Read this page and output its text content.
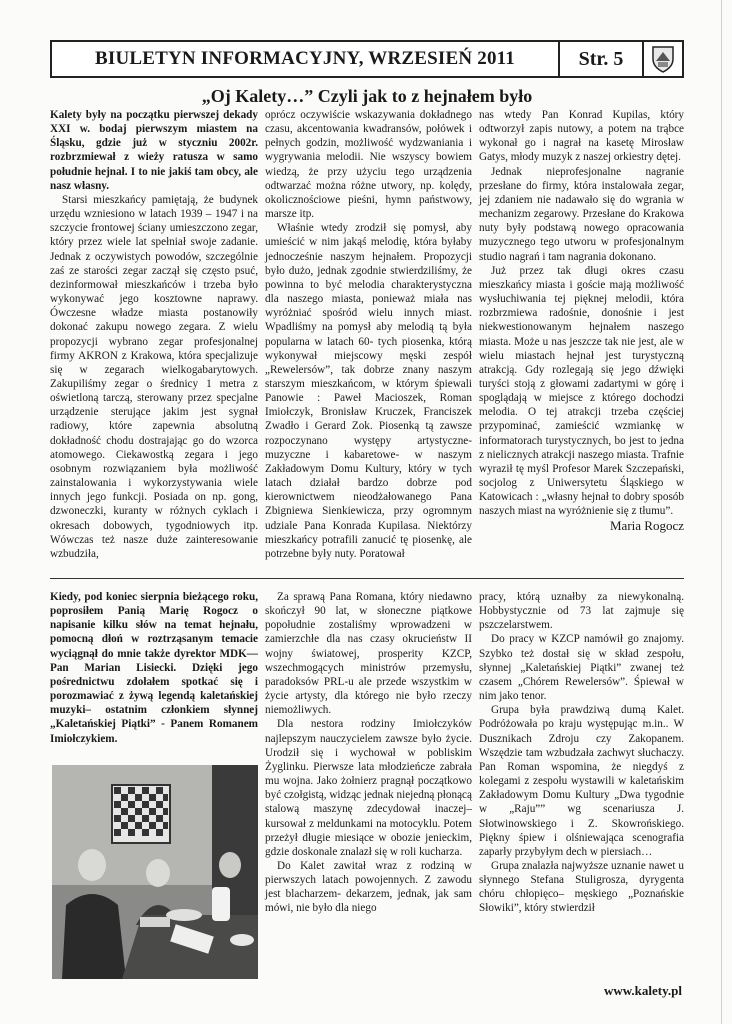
BIULETYN INFORMACYJNY, WRZESIEŃ 2011	Str. 5
„Oj Kalety…” Czyli jak to z hejnałem było

Kalety były na początku pierwszej dekady XXI w. bodaj pierwszym miastem na Śląsku, gdzie już w styczniu 2002r. rozbrzmiewał z wieży ratusza w samo południe hejnał. I to nie jakiś tam obcy, ale nasz własny.

Starsi mieszkańcy pamiętają, że budynek urzędu wzniesiono w latach 1939 – 1947 i na szczycie frontowej ściany umieszczono zegar, który przez wiele lat spełniał swoje zadanie. Jednak z oczywistych powodów, szczególnie zaś ze starości zegar zaczął się często psuć, dezinformował mieszkańców i trzeba było wykonywać jego kosztowne naprawy. Ówczesne władze miasta postanowiły dokonać zakupu nowego zegara. Z wielu propozycji wybrano zegar profesjonalnej firmy AKRON z Krakowa, która specjalizuje się w zegarach wielkogabarytowych. Zakupiliśmy zegar o średnicy 1 metra z oświetloną tarczą, sterowany przez specjalne urządzenie sterujące jakim jest sygnał radiowy, które zapewnia absolutną dokładność chodu dostrajając go do wzorca atomowego. Ciekawostką zegara i jego osobnym rozwiązaniem była możliwość zainstalowania i wykorzystywania wiele innych jego funkcji. Posiada on np. gong, dzwoneczki, kuranty w różnych cyklach i okresach dobowych, tygodniowych itp. Wówczas też nasze duże zainteresowanie wzbudziła,

oprócz oczywiście wskazywania dokładnego czasu, akcentowania kwadransów, połówek i pełnych godzin, możliwość wydzwaniania i wygrywania melodii. Nie wszyscy bowiem wiedzą, że przy użyciu tego urządzenia odtwarzać można różne utwory, np. kolędy, okolicznościowe pieśni, hymn państwowy, marsze itp.

Właśnie wtedy zrodził się pomysł, aby umieścić w nim jakąś melodię, która byłaby jednocześnie naszym hejnałem. Propozycji było dużo, jednak zgodnie stwierdziliśmy, że powinna to być melodia charakterystyczna dla naszego miasta, ponieważ miała nas wyróżniać spośród wielu innych miast. Wpadliśmy na pomysł aby melodią tą była popularna w latach 60- tych piosenka, którą wykonywał miejscowy męski zespół „Rewelersów”, tak dobrze znany naszym starszym mieszkańcom, w którym śpiewali Panowie : Paweł Macioszek, Roman Imiołczyk, Bronisław Kruczek, Franciszek Zwadło i Gerard Zok. Piosenką tą zawsze rozpoczynano występy artystyczne- muzyczne i kabaretowe- w naszym Zakładowym Domu Kultury, który w tych latach działał bardzo dobrze pod kierownictwem nieodżałowanego Pana Zbigniewa Sienkiewicza, przy ogromnym udziale Pana Konrada Kupilasa. Niektórzy mieszkańcy potrafili zanucić tę piosenkę, ale potrzebne były nuty. Poratował

nas wtedy Pan Konrad Kupilas, który odtworzył zapis nutowy, a potem na trąbce wykonał go i nagrał na kasetę Mirosław Gatys, młody muzyk z naszej orkiestry dętej.

Jednak nieprofesjonalne nagranie przesłane do firmy, która instalowała zegar, jej zdaniem nie nadawało się do wgrania w mechanizm zegarowy. Przesłane do Krakowa nuty były podstawą nowego opracowania muzycznego tego utworu w profesjonalnym studio nagrań i tam nagrania dokonano.

Już przez tak długi okres czasu mieszkańcy miasta i goście mają możliwość wysłuchiwania tej pięknej melodii, która rozbrzmiewa radośnie, donośnie i jest niekwestionowanym hejnałem naszego miasta. Może u nas jeszcze tak nie jest, ale w wielu miastach hejnał jest turystyczną atrakcją. Gdy rozlegają się jego dźwięki turyści stoją z głowami zadartymi w górę i spoglądają w miejsce z którego dochodzi melodia. O tej atrakcji trzeba częściej przypominać, zamieścić wzmiankę w informatorach turystycznych, bo jest to jedna z nielicznych atrakcji naszego miasta. Trafnie wyraził tę myśl Profesor Marek Szczepański, socjolog z Uniwersytetu Śląskiego w Katowicach : „własny hejnał to dobry sposób naszych miast na wyróżnienie się z tłumu”.

Maria Rogocz

Kiedy, pod koniec sierpnia bieżącego roku, poprosiłem Panią Marię Rogocz o napisanie kilku słów na temat hejnału, pomocną dłoń w roztrząsanym temacie wyciągnął do mnie także dyrektor MDK— Pan Marian Lisiecki. Dzięki jego pośrednictwu zdołałem spotkać się i porozmawiać z żywą legendą kaletańskiej muzyki– ostatnim członkiem słynnej „Kaletańskiej Piątki” - Panem Romanem Imiołczykiem.

Za sprawą Pana Romana, który niedawno skończył 90 lat, w słoneczne piątkowe popołudnie zostaliśmy wprowadzeni w zamierzchłe dla nas czasy okrucieństw II wojny światowej, prosperity KZCP, wszechmogących ministrów przemysłu, paradoksów PRL-u ale przede wszystkim w życie artysty, dla którego nie było rzeczy niemożliwych.

Dla nestora rodziny Imiołczyków najlepszym nauczycielem zawsze było życie. Urodził się i wychował w pobliskim Żyglinku. Pierwsze lata młodzieńcze zabrała mu wojna. Jako żołnierz pragnął początkowo być czołgistą, widząc jednak niejedną płonącą stalową maszynę zdecydował inaczej– kursował z meldunkami na motocyklu. Potem przeżył długie miesiące w obozie jenieckim, gdzie doskonale znalazł się w roli kucharza.

Do Kalet zawitał wraz z rodziną w pierwszych latach powojennych. Z zawodu jest blacharzem- dekarzem, jednak, jak sam mówi, nie było dla niego

pracy, którą uznałby za niewykonalną. Hobbystycznie od 73 lat zajmuje się pszczelarstwem.

Do pracy w KZCP namówił go znajomy. Szybko też dostał się w skład zespołu, słynnej „Kaletańskiej Piątki” zwanej też czasem „Chórem Rewelersów”. Śpiewał w nim jako tenor.

Grupa była prawdziwą dumą Kalet. Podróżowała po kraju występując m.in.. W Dusznikach Zdroju czy Zakopanem. Wszędzie tam wzbudzała zachwyt słuchaczy. Pan Roman wspomina, że niegdyś z kolegami z zespołu wystawili w kaletańskim Zakładowym Domu Kultury „Dwa tygodnie w „Raju”” wg scenariusza J. Słotwinowskiego i Z. Skowrońskiego. Piękny śpiew i olśniewająca scenografia zaparły przybyłym dech w piersiach…

Grupa znalazła najwyższe uznanie nawet u słynnego Stefana Stuligrosza, dyrygenta chóru chłopięco– męskiego „Poznańskie Słowiki”, który stwierdził

www.kalety.pl
